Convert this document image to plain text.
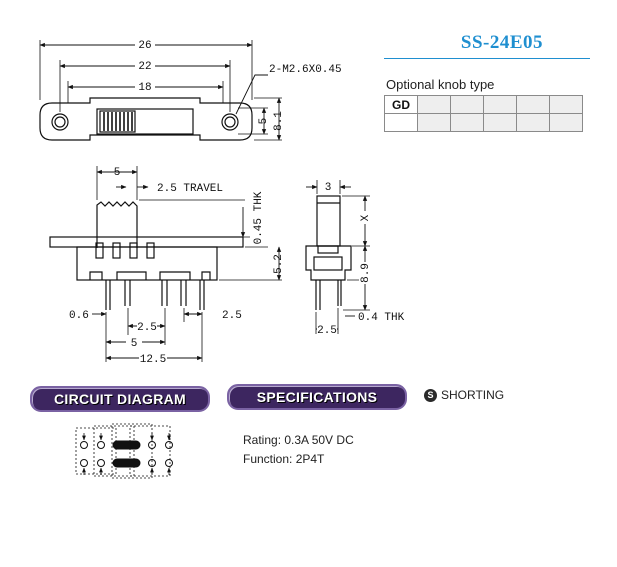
26
22
18
2-M2.6X0.45
5 8.1
5
2.5 TRAVEL
0.45 THK
5.2
0.6
2.5
2.5
5
12.5
3
X
8.9
0.4 THK
2.5
SS-24E05
Optional knob type
GD					

CIRCUIT DIAGRAM	SPECIFICATIONS	S SHORTING
Rating: 0.3A 50V DC
Function: 2P4T
